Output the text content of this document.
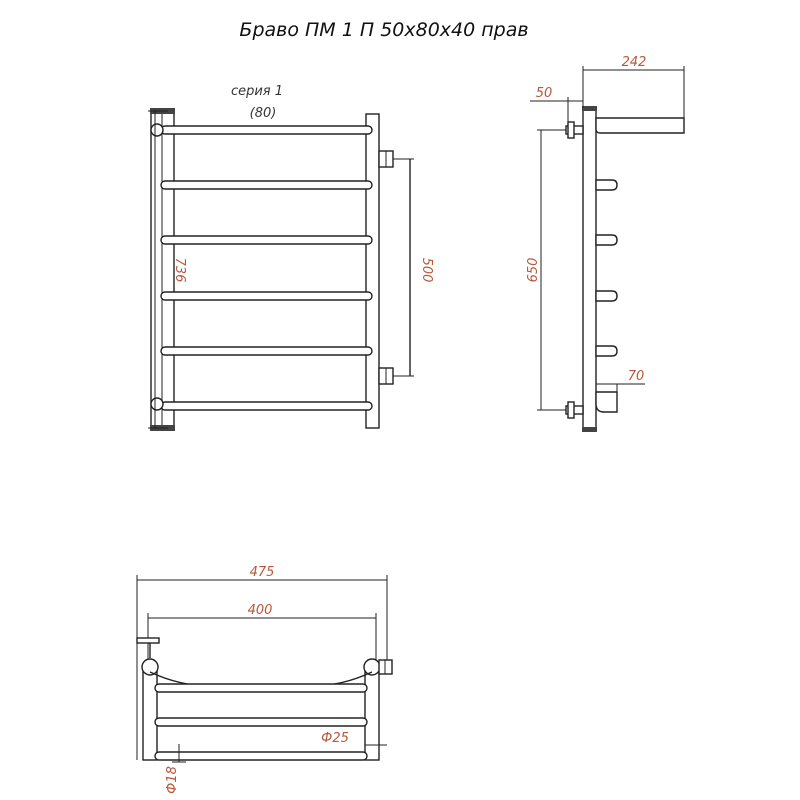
Браво ПМ 1 П 50х80х40 прав
серия 1
(80)
736	500
242
50
650
70
475
400
Ф25
Ф18
